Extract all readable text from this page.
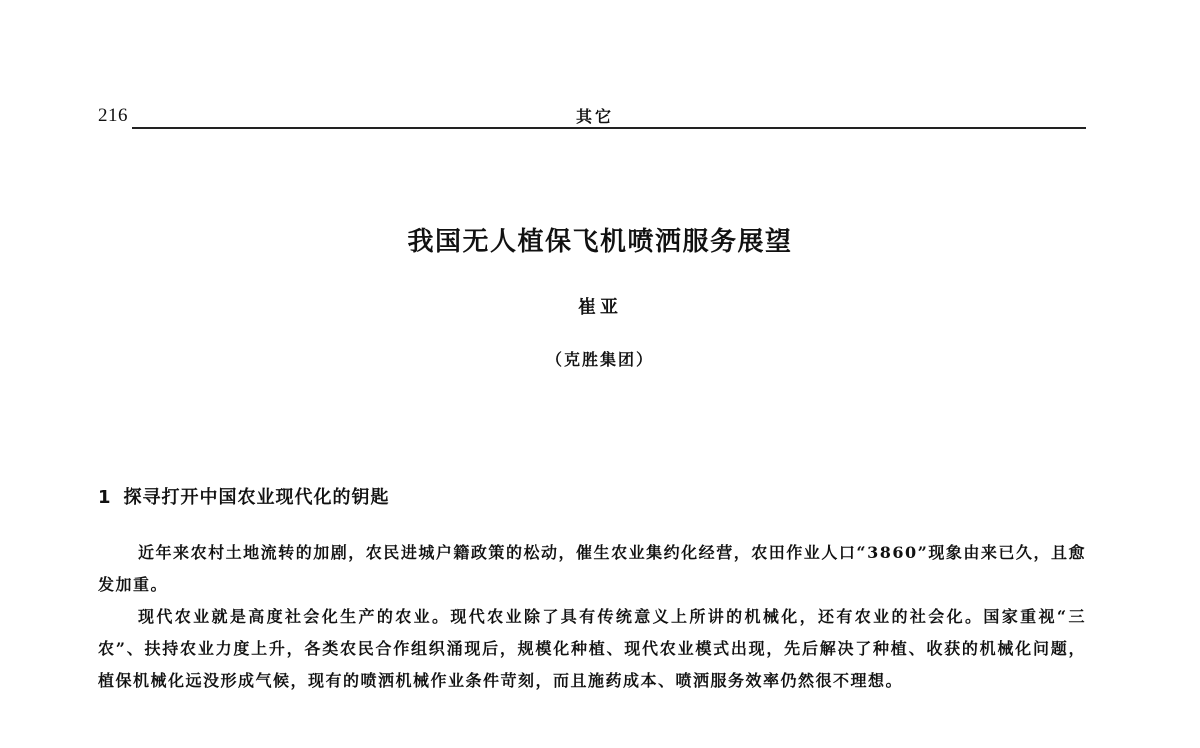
216	其它
我国无人植保飞机喷洒服务展望
崔亚
（克胜集团）
1 探寻打开中国农业现代化的钥匙

近年来农村土地流转的加剧，农民进城户籍政策的松动，催生农业集约化经营，农田作业人口“3860”现象由来已久，且愈发加重。

现代农业就是高度社会化生产的农业。现代农业除了具有传统意义上所讲的机械化，还有农业的社会化。国家重视“三农”、扶持农业力度上升，各类农民合作组织涌现后，规模化种植、现代农业模式出现，先后解决了种植、收获的机械化问题，植保机械化远没形成气候，现有的喷洒机械作业条件苛刻，而且施药成本、喷洒服务效率仍然很不理想。
